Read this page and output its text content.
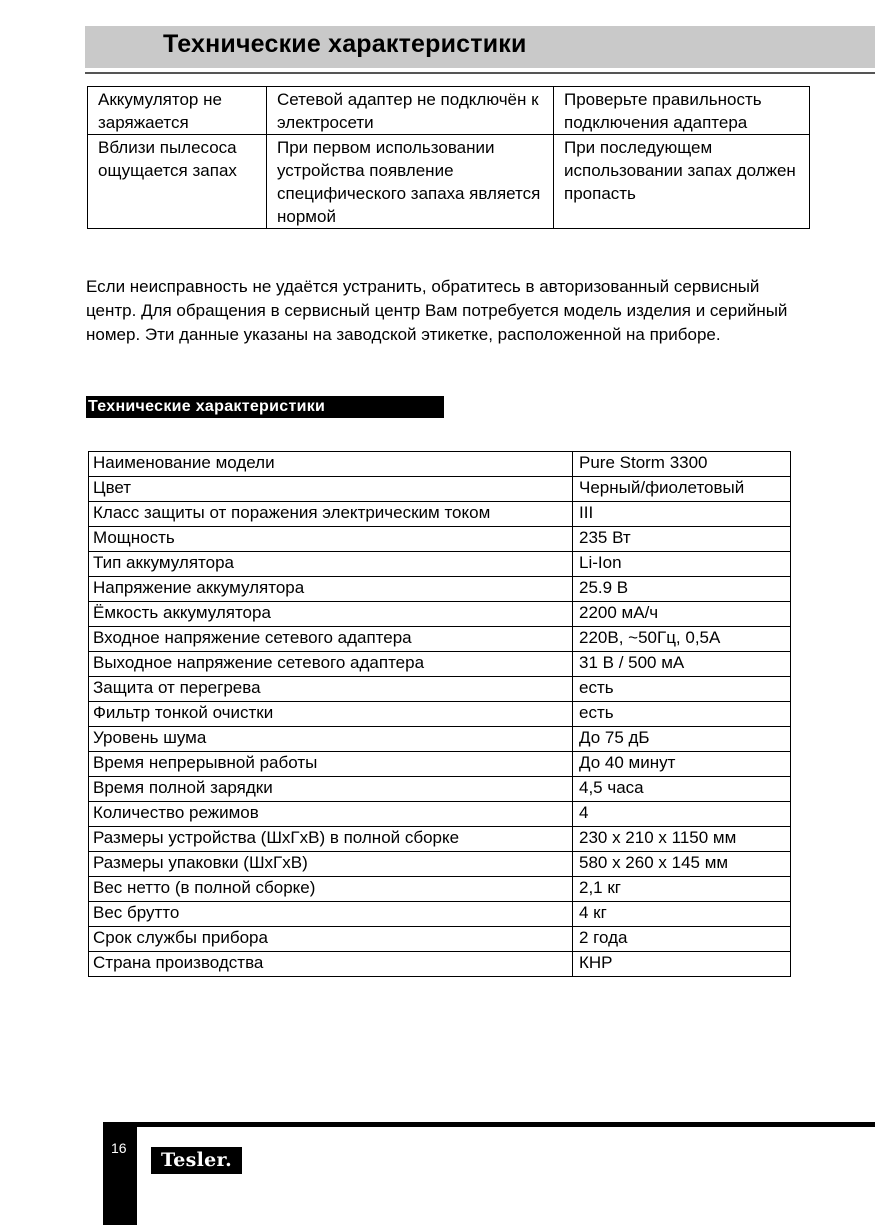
Технические характеристики
Аккумулятор не заряжается	Сетевой адаптер не подключён к электросети	Проверьте правильность подключения адаптера
Вблизи пылесоса ощущается запах	При первом использовании устройства появление специфического запаха является нормой	При последующем использовании запах должен пропасть

Если неисправность не удаётся устранить, обратитесь в авторизованный сервисный центр. Для обращения в сервисный центр Вам потребуется модель изделия и серийный номер. Эти данные указаны на заводской этикетке, расположенной на приборе.

Технические характеристики
Наименование модели	Pure Storm 3300
Цвет	Черный/фиолетовый
Класс защиты от поражения электрическим током	III
Мощность	235 Вт
Тип аккумулятора	Li-Ion
Напряжение аккумулятора	25.9 В
Ёмкость аккумулятора	2200 мА/ч
Входное напряжение сетевого адаптера	220В, ~50Гц, 0,5А
Выходное напряжение сетевого адаптера	31 В / 500 мА
Защита от перегрева	есть
Фильтр тонкой очистки	есть
Уровень шума	До 75 дБ
Время непрерывной работы	До 40 минут
Время полной зарядки	4,5 часа
Количество режимов	4
Размеры устройства (ШхГхВ) в полной сборке	230 х 210 х 1150 мм
Размеры упаковки (ШхГхВ)	580 х 260 х 145 мм
Вес нетто (в полной сборке)	2,1 кг
Вес брутто	4 кг
Срок службы прибора	2 года
Страна производства	КНР
16
Tesler.
